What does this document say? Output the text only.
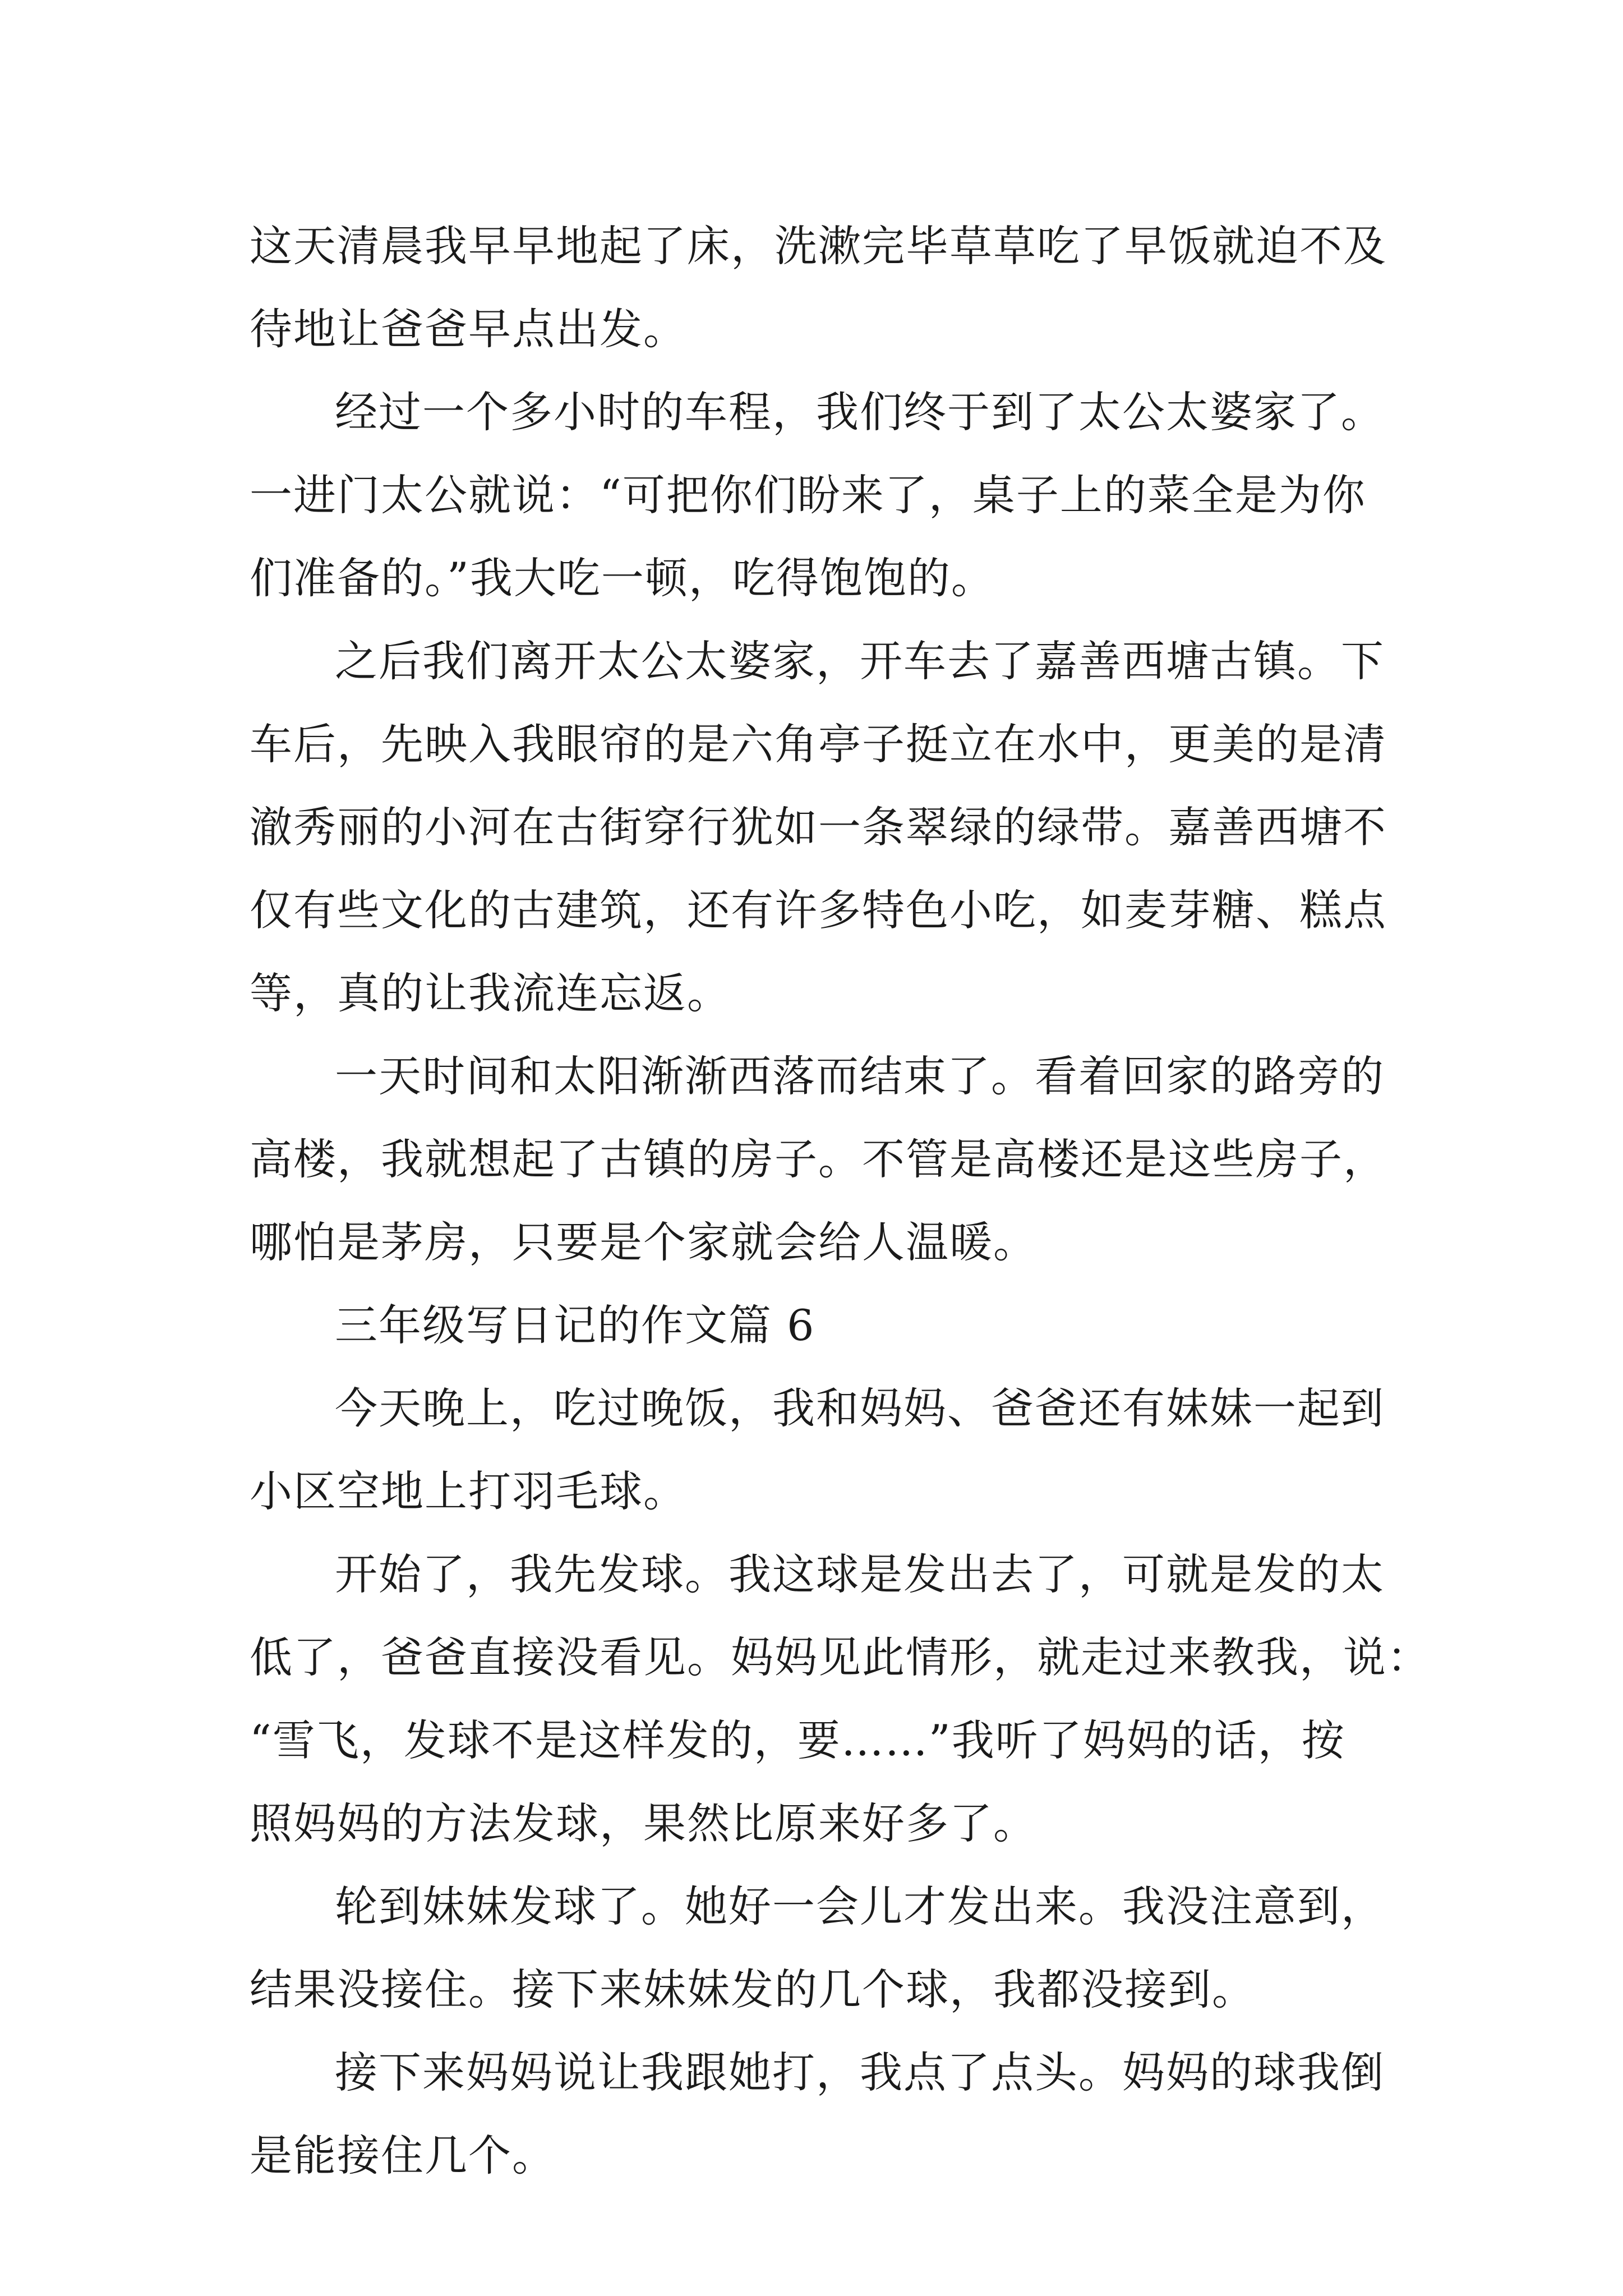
这天清晨我早早地起了床，洗漱完毕草草吃了早饭就迫不及
待地让爸爸早点出发。
经过一个多小时的车程，我们终于到了太公太婆家了。
一进门太公就说：“可把你们盼来了，桌子上的菜全是为你
们准备的。”我大吃一顿，吃得饱饱的。
之后我们离开太公太婆家，开车去了嘉善西塘古镇。下
车后，先映入我眼帘的是六角亭子挺立在水中，更美的是清
澈秀丽的小河在古街穿行犹如一条翠绿的绿带。嘉善西塘不
仅有些文化的古建筑，还有许多特色小吃，如麦芽糖、糕点
等，真的让我流连忘返。
一天时间和太阳渐渐西落而结束了。看着回家的路旁的
高楼，我就想起了古镇的房子。不管是高楼还是这些房子，
哪怕是茅房，只要是个家就会给人温暖。
三年级写日记的作文篇 6
今天晚上，吃过晚饭，我和妈妈、爸爸还有妹妹一起到
小区空地上打羽毛球。
开始了，我先发球。我这球是发出去了，可就是发的太
低了，爸爸直接没看见。妈妈见此情形，就走过来教我，说：
“雪飞，发球不是这样发的，要……”我听了妈妈的话，按
照妈妈的方法发球，果然比原来好多了。
轮到妹妹发球了。她好一会儿才发出来。我没注意到，
结果没接住。接下来妹妹发的几个球，我都没接到。
接下来妈妈说让我跟她打，我点了点头。妈妈的球我倒
是能接住几个。
